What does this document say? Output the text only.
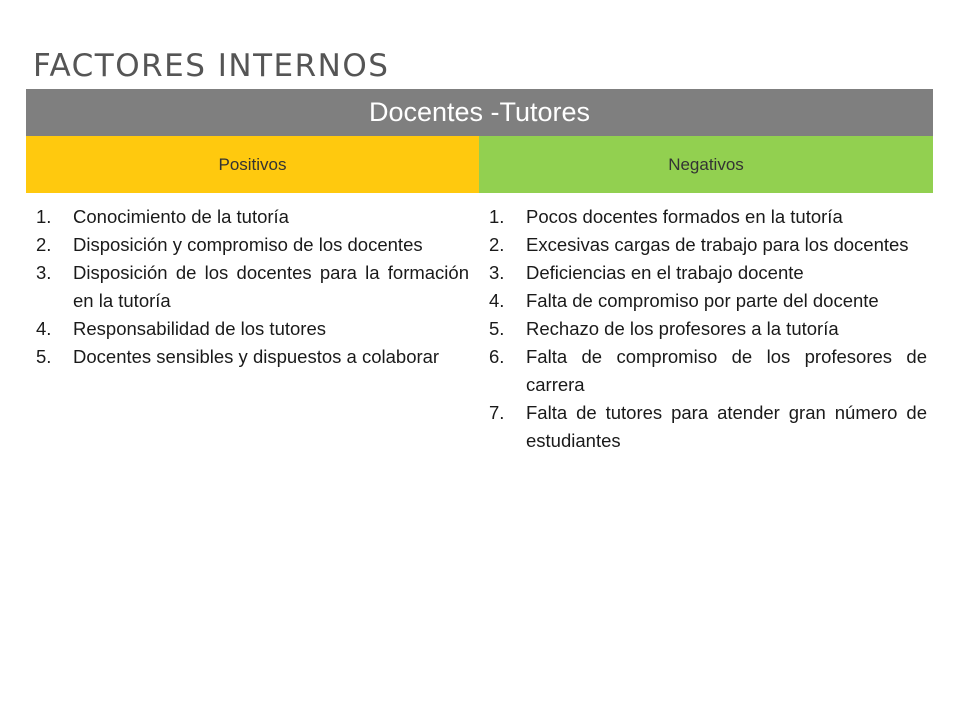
FACTORES INTERNOS
Docentes -Tutores
Positivos	Negativos
1. Conocimiento de la tutoría
2. Disposición y compromiso de los docentes
3. Disposición de los docentes para la formación en la tutoría
4. Responsabilidad de los tutores
5. Docentes sensibles y dispuestos a colaborar
1. Pocos docentes formados en la tutoría
2. Excesivas cargas de trabajo para los docentes
3. Deficiencias en el trabajo docente
4. Falta de compromiso por parte del docente
5. Rechazo de los profesores a la tutoría
6. Falta de compromiso de los profesores de carrera
7. Falta de tutores para atender gran número de estudiantes
